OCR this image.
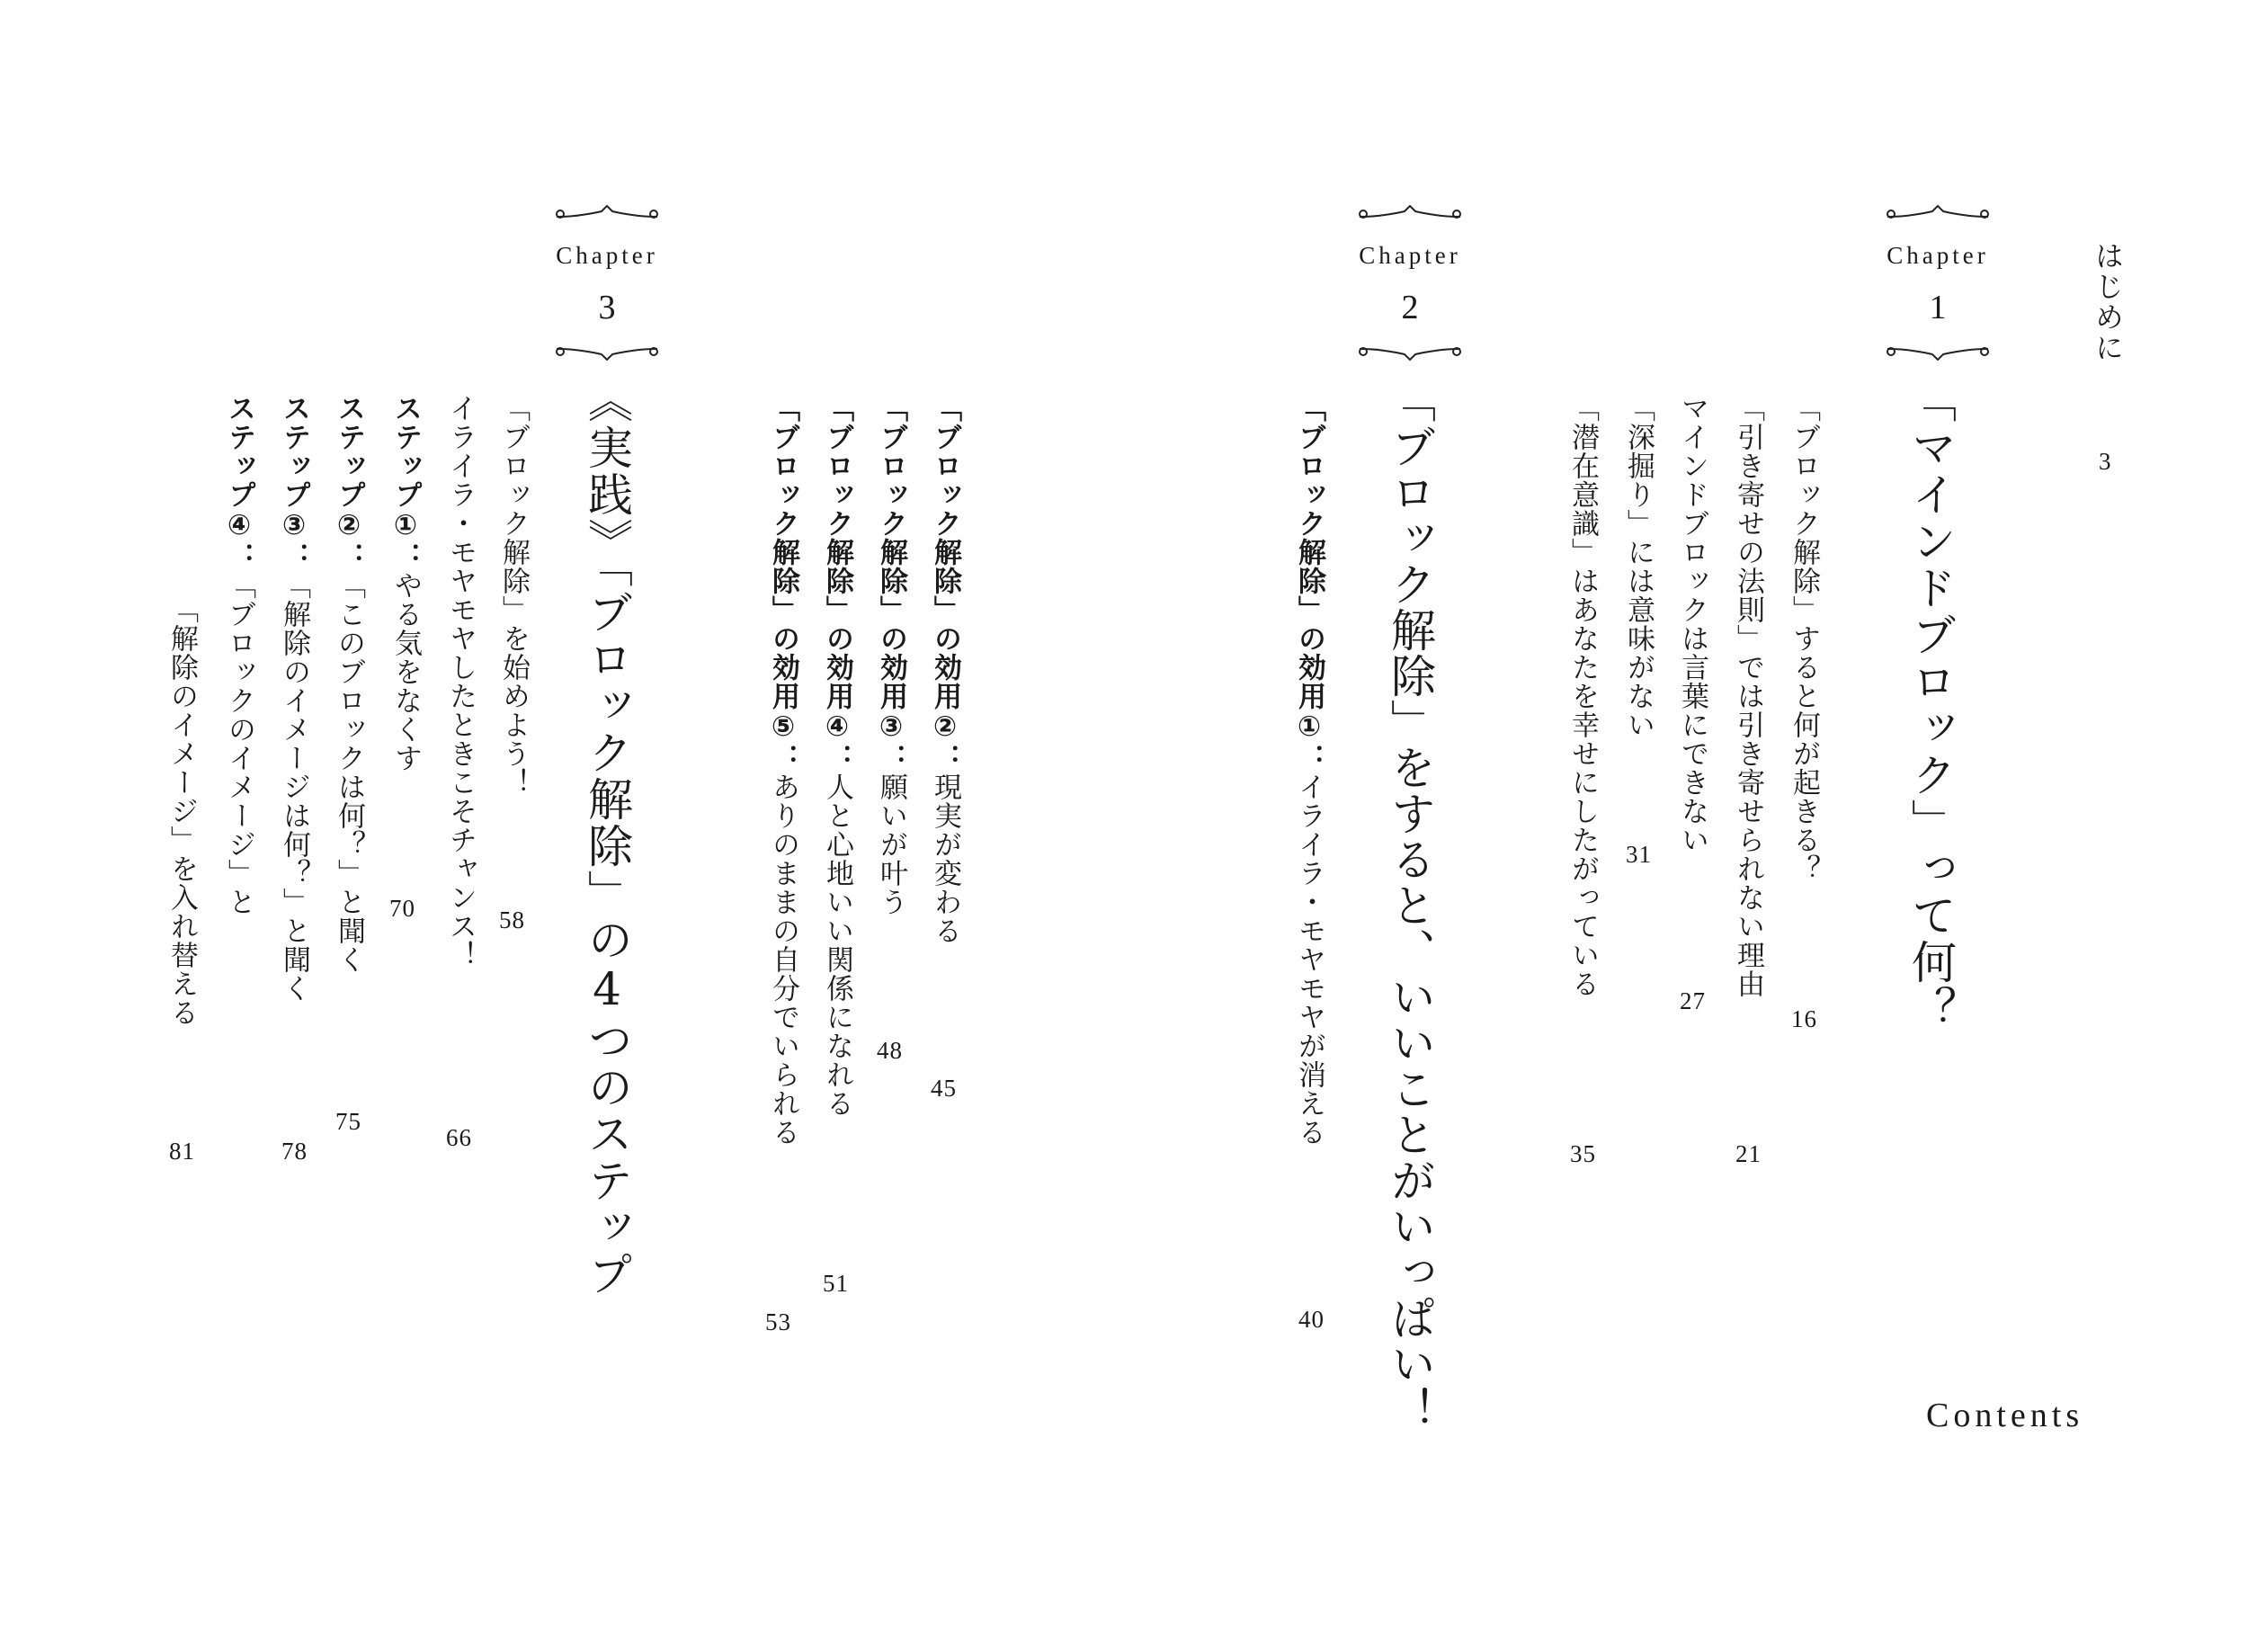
はじめに
3
Chapter
1
「マインドブロック」って何？
「ブロック解除」すると何が起きる？
16
「引き寄せの法則」では引き寄せられない理由
21
マインドブロックは言葉にできない
27
「深掘り」には意味がない
31
「潜在意識」はあなたを幸せにしたがっている
35
Chapter
2
「ブロック解除」をすると、いいことがいっぱい！
「ブロック解除」の効用①：イライラ・モヤモヤが消える
40
「ブロック解除」の効用②：現実が変わる
45
「ブロック解除」の効用③：願いが叶う
48
「ブロック解除」の効用④：人と心地いい関係になれる
51
「ブロック解除」の効用⑤：ありのままの自分でいられる
53
Chapter
3
《実践》「ブロック解除」の4つのステップ
「ブロック解除」を始めよう！
58
イライラ・モヤモヤしたときこそチャンス！
66
ステップ①：やる気をなくす
70
ステップ②：「このブロックは何？」と聞く
75
ステップ③：「解除のイメージは何？」と聞く
78
ステップ④：「ブロックのイメージ」と
「解除のイメージ」を入れ替える
81
Contents
